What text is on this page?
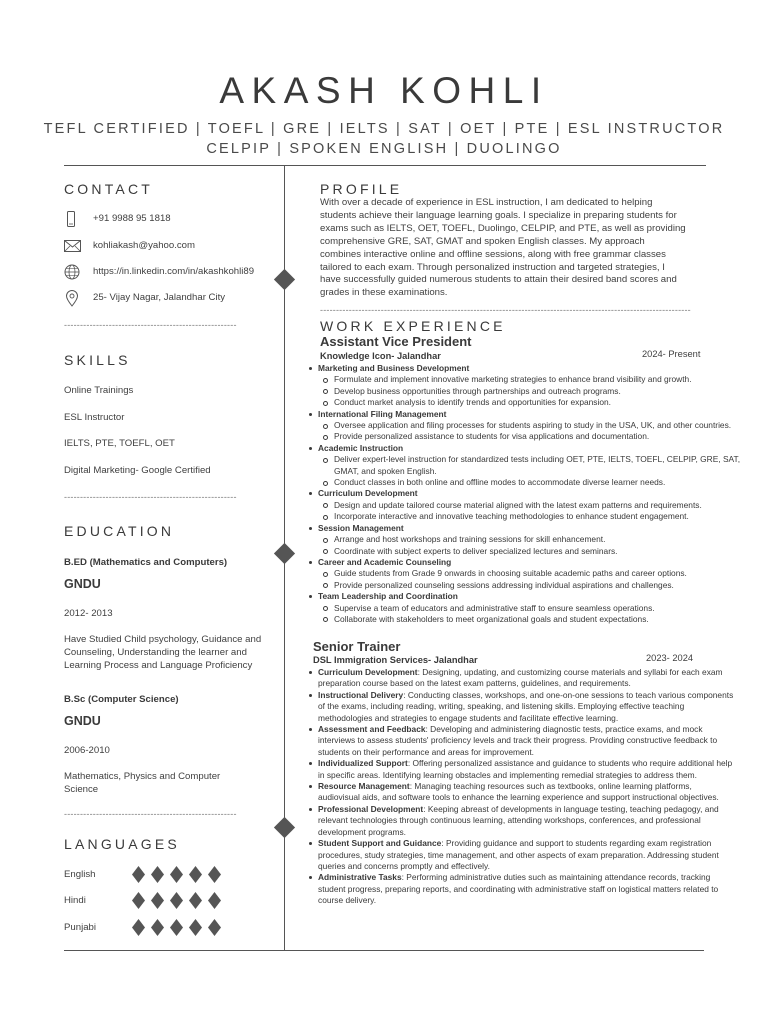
AKASH KOHLI
TEFL CERTIFIED | TOEFL | GRE | IELTS | SAT | OET | PTE | ESL INSTRUCTOR
CELPIP | SPOKEN ENGLISH | DUOLINGO
CONTACT
+91 9988 95 1818
kohliakash@yahoo.com
https://in.linkedin.com/in/akashkohli89
25- Vijay Nagar, Jalandhar City
------------------------------------------------------
SKILLS
Online Trainings
ESL Instructor
IELTS, PTE, TOEFL, OET
Digital Marketing- Google Certified
------------------------------------------------------
EDUCATION
B.ED (Mathematics and Computers)
GNDU
2012- 2013
Have Studied Child psychology, Guidance and
Counseling, Understanding the learner and
Learning Process and Language Proficiency
B.Sc (Computer Science)
GNDU
2006-2010
Mathematics, Physics and Computer
Science
------------------------------------------------------
LANGUAGES
English
Hindi
Punjabi
PROFILE
With over a decade of experience in ESL instruction, I am dedicated to helping
students achieve their language learning goals. I specialize in preparing students for
exams such as IELTS, OET, TOEFL, Duolingo, CELPIP, and PTE, as well as providing
comprehensive GRE, SAT, GMAT and spoken English classes. My approach
combines interactive online and offline sessions, along with free grammar classes
tailored to each exam. Through personalized instruction and targeted strategies, I
have successfully guided numerous students to attain their desired band scores and
grades in these examinations.
--------------------------------------------------------------------------------------------------------------------
WORK EXPERIENCE
Assistant Vice President
Knowledge Icon- Jalandhar	2024- Present
Marketing and Business Development
Formulate and implement innovative marketing strategies to enhance brand visibility and growth.
Develop business opportunities through partnerships and outreach programs.
Conduct market analysis to identify trends and opportunities for expansion.
International Filing Management
Oversee application and filing processes for students aspiring to study in the USA, UK, and other countries.
Provide personalized assistance to students for visa applications and documentation.
Academic Instruction
Deliver expert-level instruction for standardized tests including OET, PTE, IELTS, TOEFL, CELPIP, GRE, SAT, GMAT, and spoken English.
Conduct classes in both online and offline modes to accommodate diverse learner needs.
Curriculum Development
Design and update tailored course material aligned with the latest exam patterns and requirements.
Incorporate interactive and innovative teaching methodologies to enhance student engagement.
Session Management
Arrange and host workshops and training sessions for skill enhancement.
Coordinate with subject experts to deliver specialized lectures and seminars.
Career and Academic Counseling
Guide students from Grade 9 onwards in choosing suitable academic paths and career options.
Provide personalized counseling sessions addressing individual aspirations and challenges.
Team Leadership and Coordination
Supervise a team of educators and administrative staff to ensure seamless operations.
Collaborate with stakeholders to meet organizational goals and student expectations.
Senior Trainer
DSL Immigration Services- Jalandhar	2023- 2024
Curriculum Development: Designing, updating, and customizing course materials and syllabi for each exam preparation course based on the latest exam patterns, guidelines, and requirements.
Instructional Delivery: Conducting classes, workshops, and one-on-one sessions to teach various components of the exams, including reading, writing, speaking, and listening skills. Employing effective teaching methodologies and strategies to engage students and facilitate effective learning.
Assessment and Feedback: Developing and administering diagnostic tests, practice exams, and mock interviews to assess students' proficiency levels and track their progress. Providing constructive feedback to students on their performance and areas for improvement.
Individualized Support: Offering personalized assistance and guidance to students who require additional help in specific areas. Identifying learning obstacles and implementing remedial strategies to address them.
Resource Management: Managing teaching resources such as textbooks, online learning platforms, audiovisual aids, and software tools to enhance the learning experience and support instructional objectives.
Professional Development: Keeping abreast of developments in language testing, teaching pedagogy, and relevant technologies through continuous learning, attending workshops, conferences, and professional development programs.
Student Support and Guidance: Providing guidance and support to students regarding exam registration procedures, study strategies, time management, and other aspects of exam preparation. Addressing student queries and concerns promptly and effectively.
Administrative Tasks: Performing administrative duties such as maintaining attendance records, tracking student progress, preparing reports, and coordinating with administrative staff on logistical matters related to course delivery.
